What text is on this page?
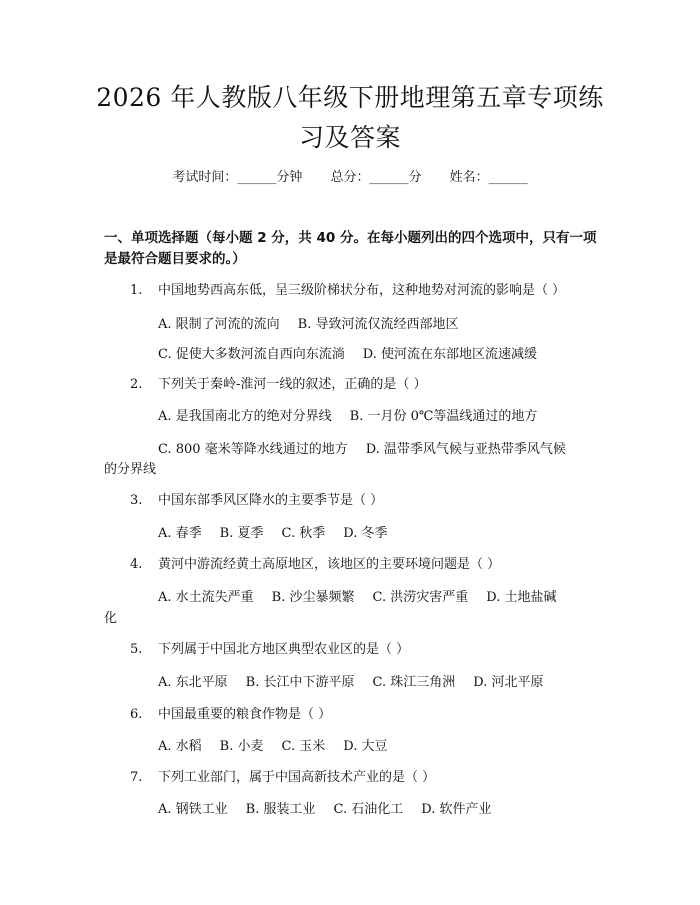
2026 年人教版八年级下册地理第五章专项练
习及答案
考试时间：______分钟 总分：______分 姓名：______
一、单项选择题（每小题 2 分，共 40 分。在每小题列出的四个选项中，只有一项
是最符合题目要求的。）
1. 中国地势西高东低，呈三级阶梯状分布，这种地势对河流的影响是（ ）
A. 限制了河流的流向 B. 导致河流仅流经西部地区
C. 促使大多数河流自西向东流淌 D. 使河流在东部地区流速减缓
2. 下列关于秦岭-淮河一线的叙述，正确的是（ ）
A. 是我国南北方的绝对分界线 B. 一月份 0℃等温线通过的地方
C. 800 毫米等降水线通过的地方 D. 温带季风气候与亚热带季风气候
的分界线
3. 中国东部季风区降水的主要季节是（ ）
A. 春季 B. 夏季 C. 秋季 D. 冬季
4. 黄河中游流经黄土高原地区，该地区的主要环境问题是（ ）
A. 水土流失严重 B. 沙尘暴频繁 C. 洪涝灾害严重 D. 土地盐碱
化
5. 下列属于中国北方地区典型农业区的是（ ）
A. 东北平原 B. 长江中下游平原 C. 珠江三角洲 D. 河北平原
6. 中国最重要的粮食作物是（ ）
A. 水稻 B. 小麦 C. 玉米 D. 大豆
7. 下列工业部门，属于中国高新技术产业的是（ ）
A. 钢铁工业 B. 服装工业 C. 石油化工 D. 软件产业
